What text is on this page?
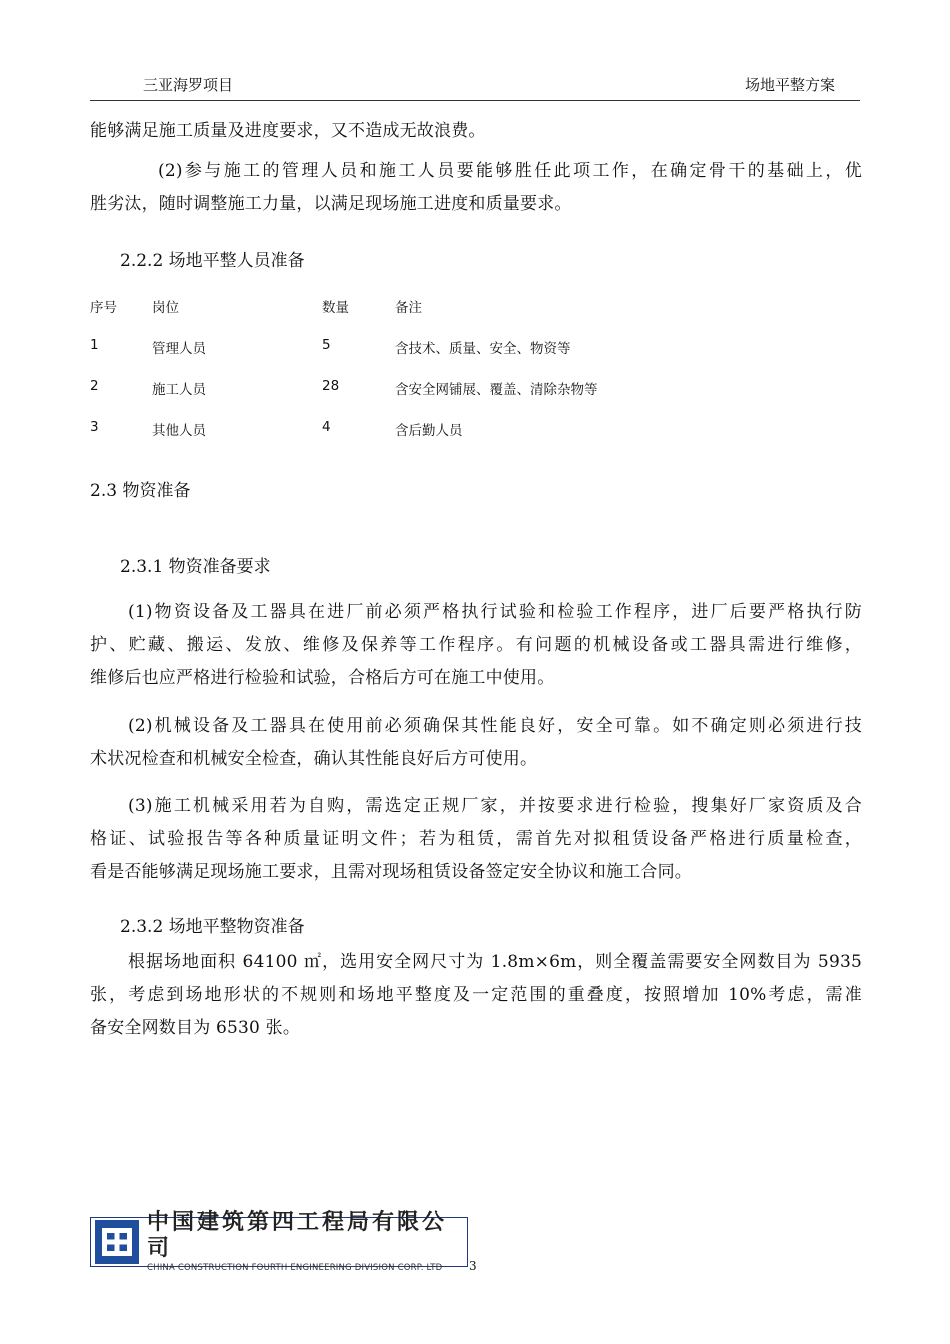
三亚海罗项目	场地平整方案
能够满足施工质量及进度要求，又不造成无故浪费。
(2)参与施工的管理人员和施工人员要能够胜任此项工作，在确定骨干的基础上，优
胜劣汰，随时调整施工力量，以满足现场施工进度和质量要求。
2.2.2 场地平整人员准备
序号	岗位	数量	备注
1	管理人员	5	含技术、质量、安全、物资等
2	施工人员	28	含安全网铺展、覆盖、清除杂物等
3	其他人员	4	含后勤人员
2.3 物资准备
2.3.1 物资准备要求
(1)物资设备及工器具在进厂前必须严格执行试验和检验工作程序，进厂后要严格执行防
护、贮藏、搬运、发放、维修及保养等工作程序。有问题的机械设备或工器具需进行维修，
维修后也应严格进行检验和试验，合格后方可在施工中使用。
(2)机械设备及工器具在使用前必须确保其性能良好，安全可靠。如不确定则必须进行技
术状况检查和机械安全检查，确认其性能良好后方可使用。
(3)施工机械采用若为自购，需选定正规厂家，并按要求进行检验，搜集好厂家资质及合
格证、试验报告等各种质量证明文件；若为租赁，需首先对拟租赁设备严格进行质量检查，
看是否能够满足现场施工要求，且需对现场租赁设备签定安全协议和施工合同。
2.3.2 场地平整物资准备
根据场地面积 64100 ㎡，选用安全网尺寸为 1.8m×6m，则全覆盖需要安全网数目为 5935
张，考虑到场地形状的不规则和场地平整度及一定范围的重叠度，按照增加 10%考虑，需准
备安全网数目为 6530 张。
中国建筑第四工程局有限公司
CHINA CONSTRUCTION FOURTH ENGINEERING DIVISION CORP. LTD	3
